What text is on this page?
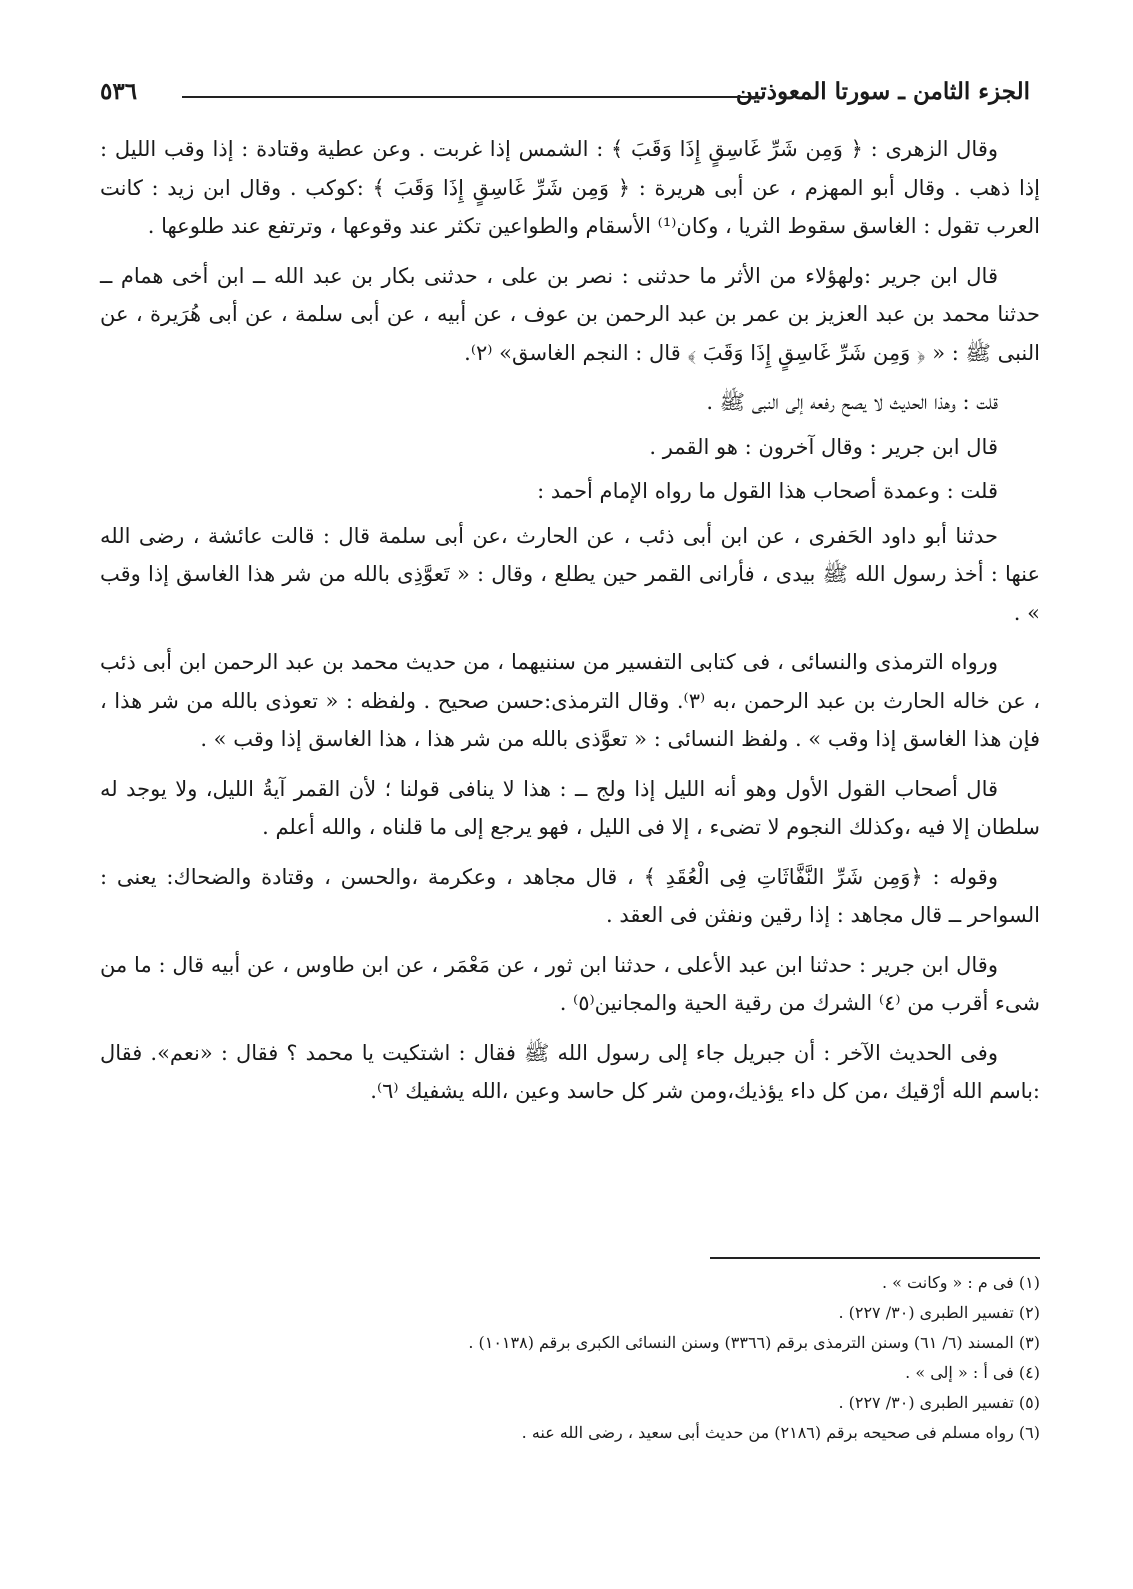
الجزء الثامن ـ سورتا المعوذتين
٥٣٦

وقال الزهرى : ﴿ وَمِن شَرِّ غَاسِقٍ إِذَا وَقَبَ ﴾ : الشمس إذا غربت . وعن عطية وقتادة : إذا وقب الليل : إذا ذهب . وقال أبو المهزم ، عن أبى هريرة : ﴿ وَمِن شَرِّ غَاسِقٍ إِذَا وَقَبَ ﴾ :كوكب . وقال ابن زيد : كانت العرب تقول : الغاسق سقوط الثريا ، وكان⁽¹⁾ الأسقام والطواعين تكثر عند وقوعها ، وترتفع عند طلوعها .

قال ابن جرير :ولهؤلاء من الأثر ما حدثنى : نصر بن على ، حدثنى بكار بن عبد الله ــ ابن أخى همام ــ حدثنا محمد بن عبد العزيز بن عمر بن عبد الرحمن بن عوف ، عن أبيه ، عن أبى سلمة ، عن أبى هُرَيرة ، عن النبى ﷺ : « ﴿ وَمِن شَرِّ غَاسِقٍ إِذَا وَقَبَ ﴾ قال : النجم الغاسق» ⁽٢⁾.

قلت : وهذا الحديث لا يصح رفعه إلى النبى ﷺ .

قال ابن جرير : وقال آخرون : هو القمر .

قلت : وعمدة أصحاب هذا القول ما رواه الإمام أحمد :

حدثنا أبو داود الحَفرى ، عن ابن أبى ذئب ، عن الحارث ،عن أبى سلمة قال : قالت عائشة ، رضى الله عنها : أخذ رسول الله ﷺ بيدى ، فأرانى القمر حين يطلع ، وقال : « تَعوَّذِى بالله من شر هذا الغاسق إذا وقب » .

ورواه الترمذى والنسائى ، فى كتابى التفسير من سننيهما ، من حديث محمد بن عبد الرحمن ابن أبى ذئب ، عن خاله الحارث بن عبد الرحمن ،به ⁽٣⁾. وقال الترمذى:حسن صحيح . ولفظه : « تعوذى بالله من شر هذا ، فإن هذا الغاسق إذا وقب » . ولفظ النسائى : « تعوَّذى بالله من شر هذا ، هذا الغاسق إذا وقب » .

قال أصحاب القول الأول وهو أنه الليل إذا ولج ــ : هذا لا ينافى قولنا ؛ لأن القمر آيةُ الليل، ولا يوجد له سلطان إلا فيه ،وكذلك النجوم لا تضىء ، إلا فى الليل ، فهو يرجع إلى ما قلناه ، والله أعلم .

وقوله : ﴿وَمِن شَرِّ النَّفَّاثَاتِ فِى الْعُقَدِ ﴾ ، قال مجاهد ، وعكرمة ،والحسن ، وقتادة والضحاك: يعنى : السواحر ــ قال مجاهد : إذا رقين ونفثن فى العقد .

وقال ابن جرير : حدثنا ابن عبد الأعلى ، حدثنا ابن ثور ، عن مَعْمَر ، عن ابن طاوس ، عن أبيه قال : ما من شىء أقرب من ⁽٤⁾ الشرك من رقية الحية والمجانين⁽٥⁾ .

وفى الحديث الآخر : أن جبريل جاء إلى رسول الله ﷺ فقال : اشتكيت يا محمد ؟ فقال : «نعم». فقال :باسم الله أرْقيك ،من كل داء يؤذيك،ومن شر كل حاسد وعين ،الله يشفيك ⁽٦⁾.

(١) فى م : « وكانت » .

(٢) تفسير الطبرى (٣٠/ ٢٢٧) .

(٣) المسند (٦/ ٦١) وسنن الترمذى برقم (٣٣٦٦) وسنن النسائى الكبرى برقم (١٠١٣٨) .

(٤) فى أ : « إلى » .

(٥) تفسير الطبرى (٣٠/ ٢٢٧) .

(٦) رواه مسلم فى صحيحه برقم (٢١٨٦) من حديث أبى سعيد ، رضى الله عنه .
